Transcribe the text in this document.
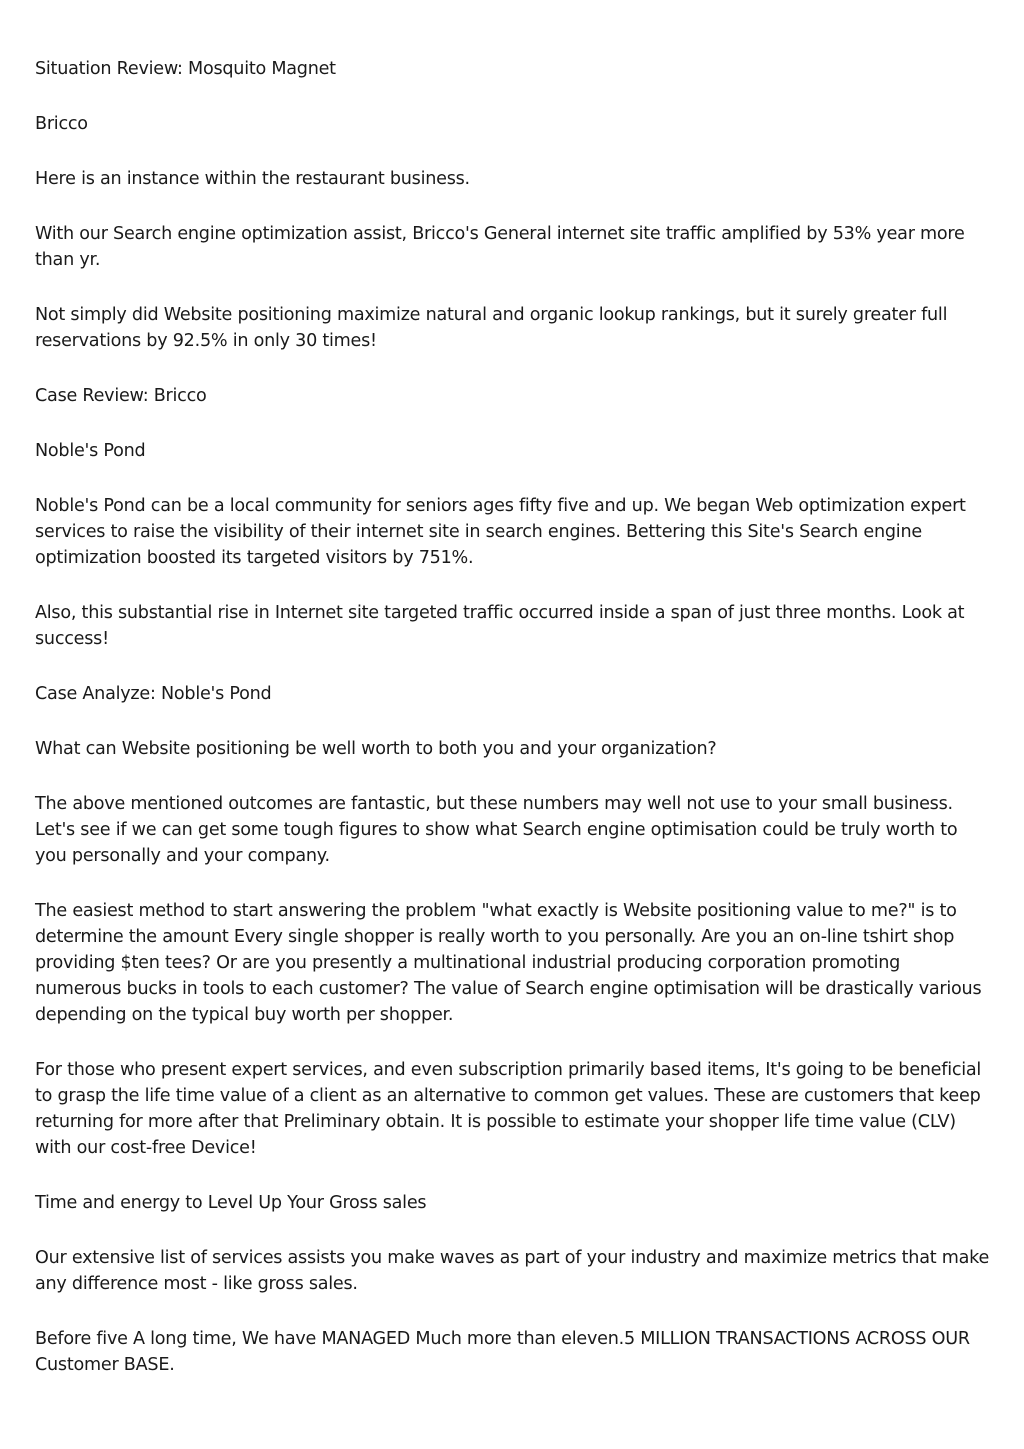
Situation Review: Mosquito Magnet

Bricco

Here is an instance within the restaurant business.

With our Search engine optimization assist, Bricco's General internet site traffic amplified by 53% year more than yr.

Not simply did Website positioning maximize natural and organic lookup rankings, but it surely greater full reservations by 92.5% in only 30 times!

Case Review: Bricco

Noble's Pond

Noble's Pond can be a local community for seniors ages fifty five and up. We began Web optimization expert services to raise the visibility of their internet site in search engines. Bettering this Site's Search engine optimization boosted its targeted visitors by 751%.

Also, this substantial rise in Internet site targeted traffic occurred inside a span of just three months. Look at success!

Case Analyze: Noble's Pond

What can Website positioning be well worth to both you and your organization?

The above mentioned outcomes are fantastic, but these numbers may well not use to your small business. Let's see if we can get some tough figures to show what Search engine optimisation could be truly worth to you personally and your company.

The easiest method to start answering the problem "what exactly is Website positioning value to me?" is to determine the amount Every single shopper is really worth to you personally. Are you an on-line tshirt shop providing $ten tees? Or are you presently a multinational industrial producing corporation promoting numerous bucks in tools to each customer? The value of Search engine optimisation will be drastically various depending on the typical buy worth per shopper.

For those who present expert services, and even subscription primarily based items, It's going to be beneficial to grasp the life time value of a client as an alternative to common get values. These are customers that keep returning for more after that Preliminary obtain. It is possible to estimate your shopper life time value (CLV) with our cost-free Device!

Time and energy to Level Up Your Gross sales

Our extensive list of services assists you make waves as part of your industry and maximize metrics that make any difference most - like gross sales.

Before five A long time, We have MANAGED Much more than eleven.5 MILLION TRANSACTIONS ACROSS OUR Customer BASE.
